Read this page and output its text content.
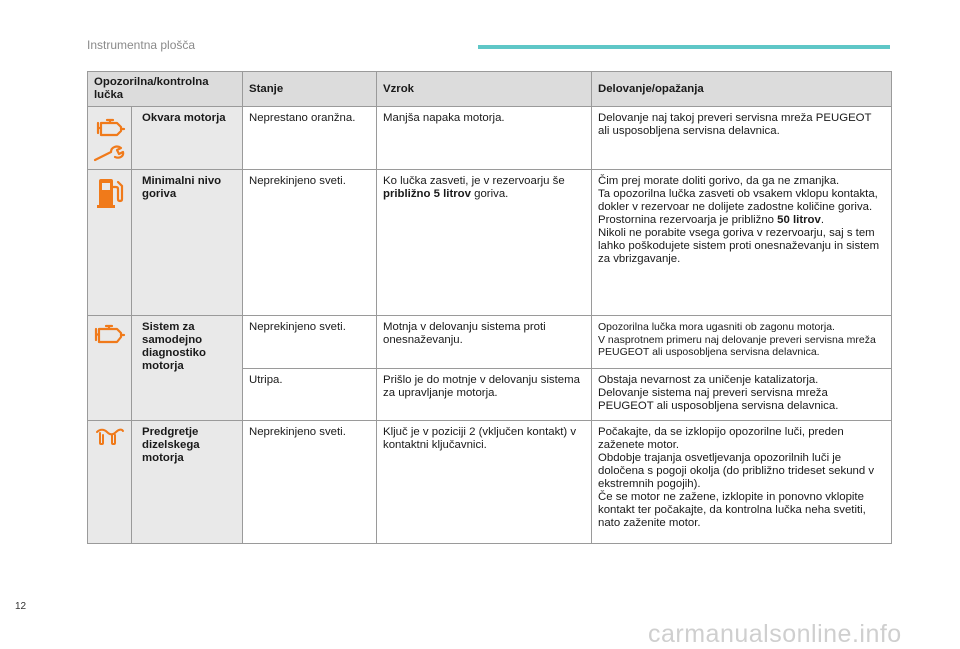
Instrumentna plošča
Opozorilna/kontrolna lučka		Stanje	Vzrok	Delovanje/opažanja

	Okvara motorja	Neprestano oranžna.	Manjša napaka motorja.	Delovanje naj takoj preveri servisna mreža PEUGEOT ali usposobljena servisna delavnica.

	Minimalni nivo goriva	Neprekinjeno sveti.	Ko lučka zasveti, je v rezervoarju še približno 5 litrov goriva.	Čim prej morate doliti gorivo, da ga ne zmanjka.
Ta opozorilna lučka zasveti ob vsakem vklopu kontakta, dokler v rezervoar ne dolijete zadostne količine goriva.
Prostornina rezervoarja je približno 50 litrov.
Nikoli ne porabite vsega goriva v rezervoarju, saj s tem lahko poškodujete sistem proti onesnaževanju in sistem za vbrizgavanje.

	Sistem za samodejno diagnostiko motorja	Neprekinjeno sveti.	Motnja v delovanju sistema proti onesnaževanju.	Opozorilna lučka mora ugasniti ob zagonu motorja.
V nasprotnem primeru naj delovanje preveri servisna mreža PEUGEOT ali usposobljena servisna delavnica.

		Utripa.	Prišlo je do motnje v delovanju sistema za upravljanje motorja.	Obstaja nevarnost za uničenje katalizatorja.
Delovanje sistema naj preveri servisna mreža PEUGEOT ali usposobljena servisna delavnica.

	Predgretje dizelskega motorja	Neprekinjeno sveti.	Ključ je v poziciji 2 (vključen kontakt) v kontaktni ključavnici.	Počakajte, da se izklopijo opozorilne luči, preden zaženete motor.
Obdobje trajanja osvetljevanja opozorilnih luči je določena s pogoji okolja (do približno trideset sekund v ekstremnih pogojih).
Če se motor ne zažene, izklopite in ponovno vklopite kontakt ter počakajte, da kontrolna lučka neha svetiti, nato zaženite motor.
12
carmanualsonline.info
